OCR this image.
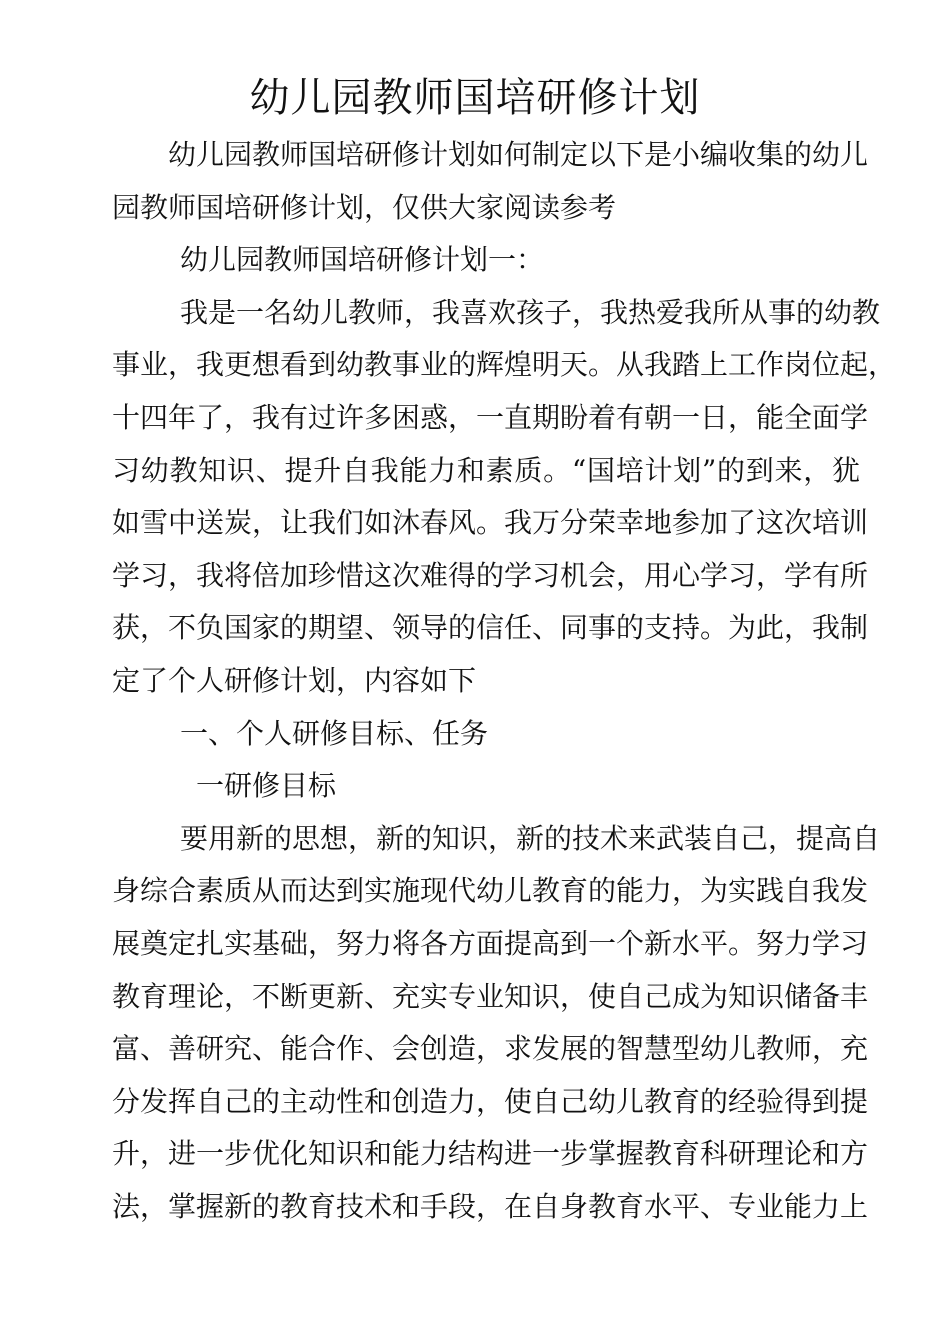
幼儿园教师国培研修计划

幼儿园教师国培研修计划如何制定以下是小编收集的幼儿
园教师国培研修计划，仅供大家阅读参考

幼儿园教师国培研修计划一：

我是一名幼儿教师，我喜欢孩子，我热爱我所从事的幼教
事业，我更想看到幼教事业的辉煌明天。从我踏上工作岗位起，
十四年了，我有过许多困惑，一直期盼着有朝一日，能全面学
习幼教知识、提升自我能力和素质。“国培计划”的到来，犹
如雪中送炭，让我们如沐春风。我万分荣幸地参加了这次培训
学习，我将倍加珍惜这次难得的学习机会，用心学习，学有所
获，不负国家的期望、领导的信任、同事的支持。为此，我制
定了个人研修计划，内容如下

一、个人研修目标、任务

一研修目标

要用新的思想，新的知识，新的技术来武装自己，提高自
身综合素质从而达到实施现代幼儿教育的能力，为实践自我发
展奠定扎实基础，努力将各方面提高到一个新水平。努力学习
教育理论，不断更新、充实专业知识，使自己成为知识储备丰
富、善研究、能合作、会创造，求发展的智慧型幼儿教师，充
分发挥自己的主动性和创造力，使自己幼儿教育的经验得到提
升，进一步优化知识和能力结构进一步掌握教育科研理论和方
法，掌握新的教育技术和手段，在自身教育水平、专业能力上
